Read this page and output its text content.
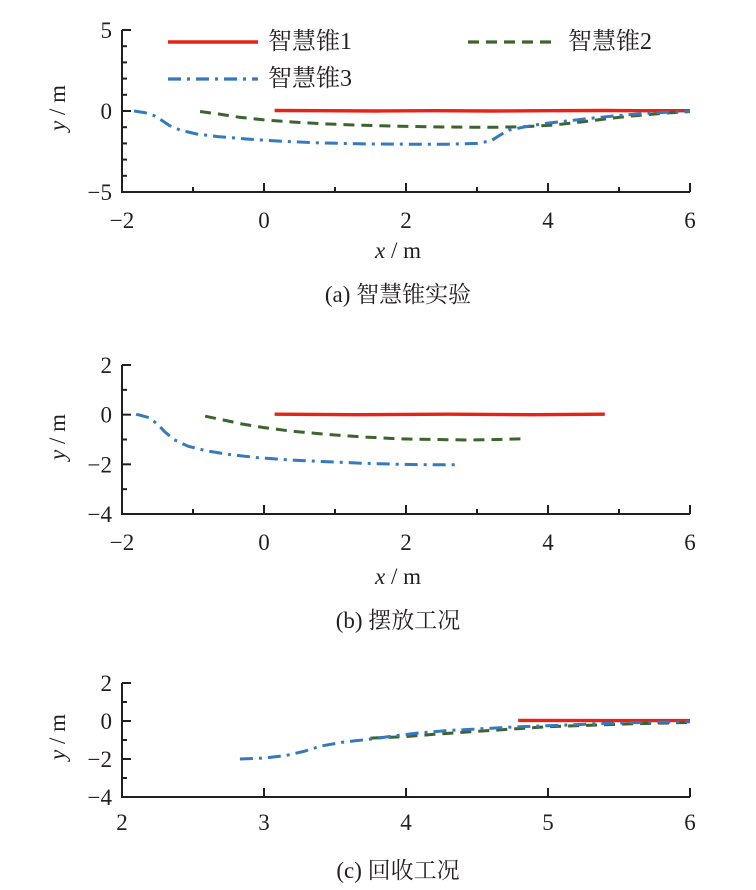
5
0
−5
−2	0	2	4	6
y / m
智慧锥1	智慧锥2
智慧锥3
x / m
(a) 智慧锥实验
2
0
−2
−4
−2	0	2	4	6
y / m
x / m
(b) 摆放工况
2
0
−2
−4
2	3	4	5	6
y / m
(c) 回收工况
